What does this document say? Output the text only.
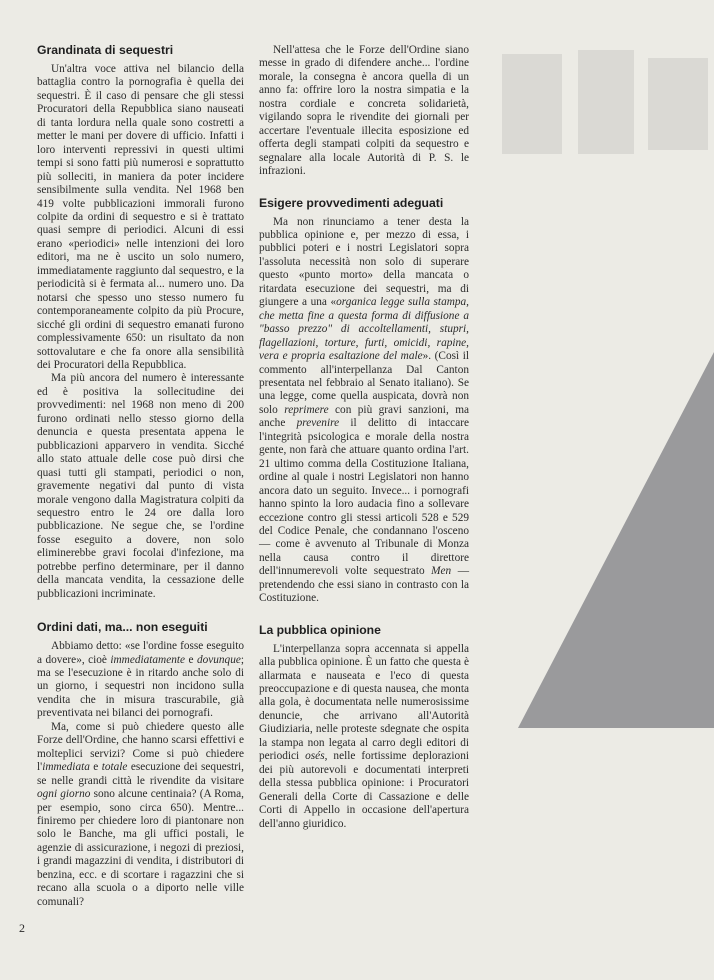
Grandinata di sequestri

Un'altra voce attiva nel bilancio della battaglia contro la pornografia è quella dei sequestri. È il caso di pensare che gli stessi Procuratori della Repubblica siano nauseati di tanta lordura nella quale sono costretti a metter le mani per dovere di ufficio. Infatti i loro interventi repressivi in questi ultimi tempi si sono fatti più numerosi e soprattutto più solleciti, in maniera da poter incidere sensibilmente sulla vendita. Nel 1968 ben 419 volte pubblicazioni immorali furono colpite da ordini di sequestro e si è trattato quasi sempre di periodici. Alcuni di essi erano «periodici» nelle intenzioni dei loro editori, ma ne è uscito un solo numero, immediatamente raggiunto dal sequestro, e la periodicità si è fermata al... numero uno. Da notarsi che spesso uno stesso numero fu contemporaneamente colpito da più Procure, sicché gli ordini di sequestro emanati furono complessivamente 650: un risultato da non sottovalutare e che fa onore alla sensibilità dei Procuratori della Repubblica.

Ma più ancora del numero è interessante ed è positiva la sollecitudine dei provvedimenti: nel 1968 non meno di 200 furono ordinati nello stesso giorno della denuncia e questa presentata appena le pubblicazioni apparvero in vendita. Sicché allo stato attuale delle cose può dirsi che quasi tutti gli stampati, periodici o non, gravemente negativi dal punto di vista morale vengono dalla Magistratura colpiti da sequestro entro le 24 ore dalla loro pubblicazione. Ne segue che, se l'ordine fosse eseguito a dovere, non solo eliminerebbe gravi focolai d'infezione, ma potrebbe perfino determinare, per il danno della mancata vendita, la cessazione delle pubblicazioni incriminate.

Ordini dati, ma... non eseguiti

Abbiamo detto: «se l'ordine fosse eseguito a dovere», cioè immediatamente e dovunque; ma se l'esecuzione è in ritardo anche solo di un giorno, i sequestri non incidono sulla vendita che in misura trascurabile, già preventivata nei bilanci dei pornografi.

Ma, come si può chiedere questo alle Forze dell'Ordine, che hanno scarsi effettivi e molteplici servizi? Come si può chiedere l'immediata e totale esecuzione dei sequestri, se nelle grandi città le rivendite da visitare ogni giorno sono alcune centinaia? (A Roma, per esempio, sono circa 650). Mentre... finiremo per chiedere loro di piantonare non solo le Banche, ma gli uffici postali, le agenzie di assicurazione, i negozi di preziosi, i grandi magazzini di vendita, i distributori di benzina, ecc. e di scortare i ragazzini che si recano alla scuola o a diporto nelle ville comunali?

Nell'attesa che le Forze dell'Ordine siano messe in grado di difendere anche... l'ordine morale, la consegna è ancora quella di un anno fa: offrire loro la nostra simpatia e la nostra cordiale e concreta solidarietà, vigilando sopra le rivendite dei giornali per accertare l'eventuale illecita esposizione ed offerta degli stampati colpiti da sequestro e segnalare alla locale Autorità di P. S. le infrazioni.

Esigere provvedimenti adeguati

Ma non rinunciamo a tener desta la pubblica opinione e, per mezzo di essa, i pubblici poteri e i nostri Legislatori sopra l'assoluta necessità non solo di superare questo «punto morto» della mancata o ritardata esecuzione dei sequestri, ma di giungere a una «organica legge sulla stampa, che metta fine a questa forma di diffusione a "basso prezzo" di accoltellamenti, stupri, flagellazioni, torture, furti, omicidi, rapine, vera e propria esaltazione del male». (Così il commento all'interpellanza Dal Canton presentata nel febbraio al Senato italiano). Se una legge, come quella auspicata, dovrà non solo reprimere con più gravi sanzioni, ma anche prevenire il delitto di intaccare l'integrità psicologica e morale della nostra gente, non farà che attuare quanto ordina l'art. 21 ultimo comma della Costituzione Italiana, ordine al quale i nostri Legislatori non hanno ancora dato un seguito. Invece... i pornografi hanno spinto la loro audacia fino a sollevare eccezione contro gli stessi articoli 528 e 529 del Codice Penale, che condannano l'osceno — come è avvenuto al Tribunale di Monza nella causa contro il direttore dell'innumerevoli volte sequestrato Men — pretendendo che essi siano in contrasto con la Costituzione.

La pubblica opinione

L'interpellanza sopra accennata si appella alla pubblica opinione. È un fatto che questa è allarmata e nauseata e l'eco di questa preoccupazione e di questa nausea, che monta alla gola, è documentata nelle numerosissime denuncie, che arrivano all'Autorità Giudiziaria, nelle proteste sdegnate che ospita la stampa non legata al carro degli editori di periodici osés, nelle fortissime deplorazioni dei più autorevoli e documentati interpreti della stessa pubblica opinione: i Procuratori Generali della Corte di Cassazione e delle Corti di Appello in occasione dell'apertura dell'anno giuridico.

2
